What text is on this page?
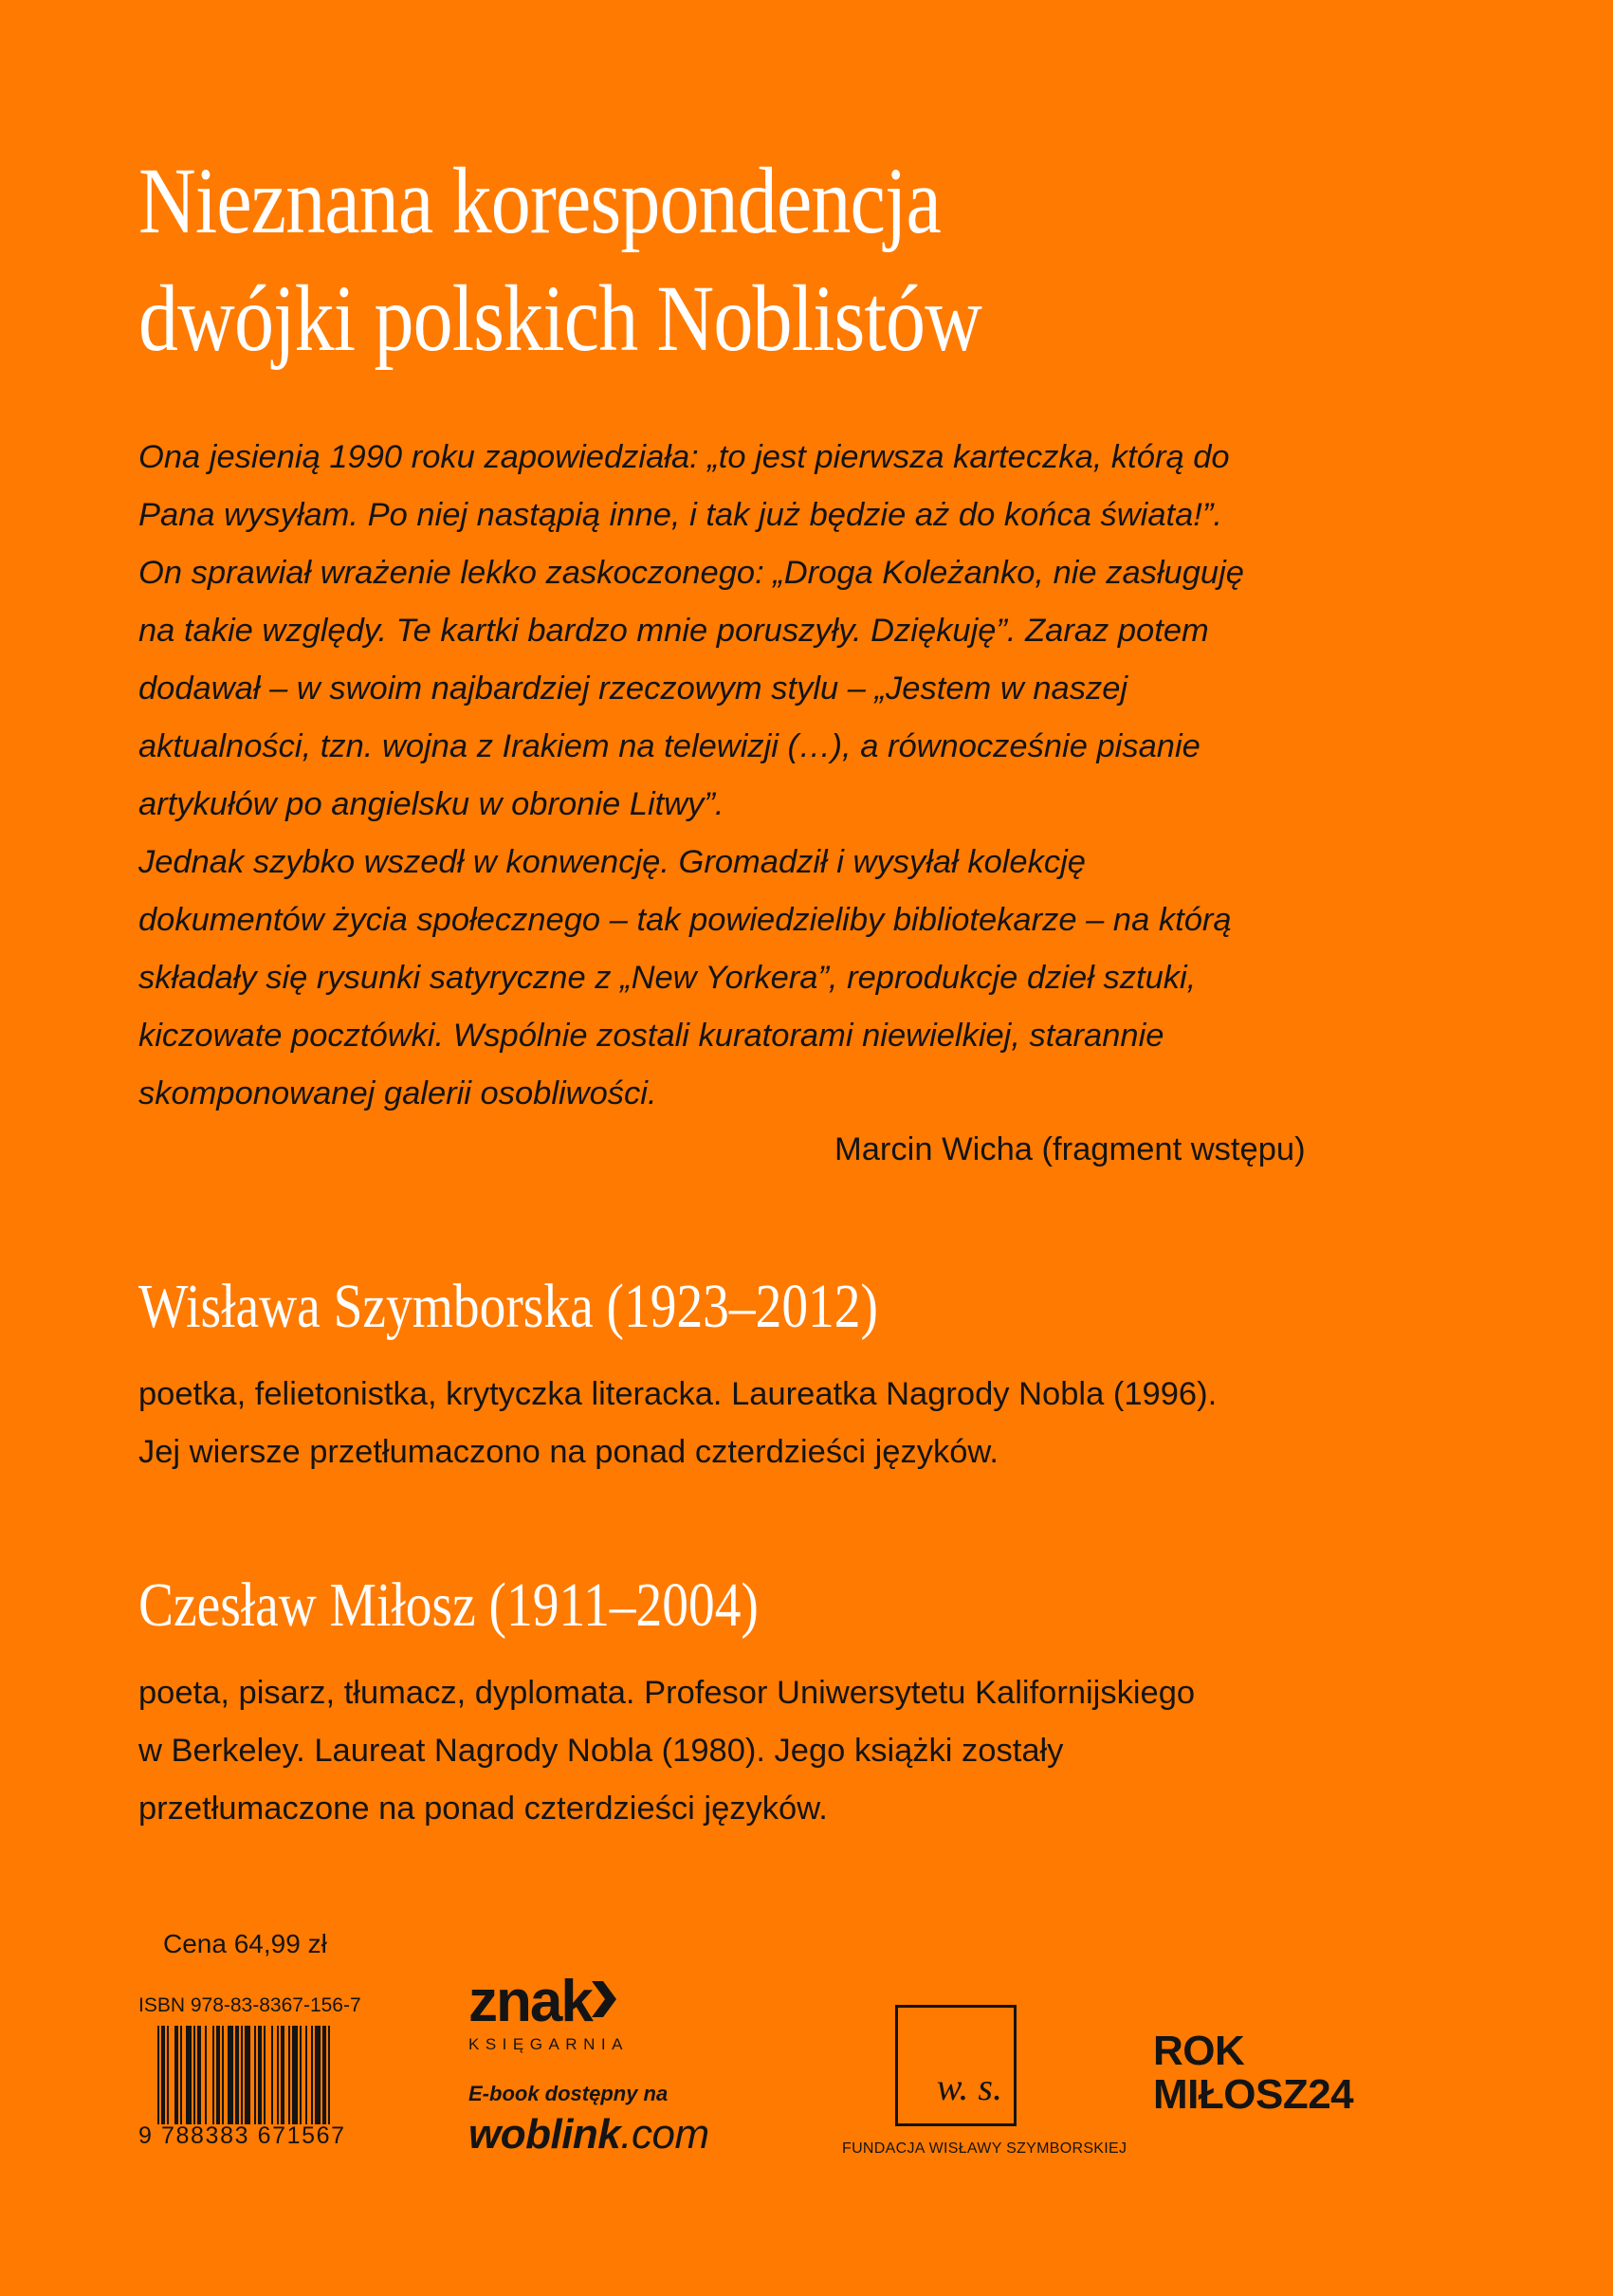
Nieznana korespondencja
dwójki polskich Noblistów
Ona jesienią 1990 roku zapowiedziała: „to jest pierwsza karteczka, którą do
Pana wysyłam. Po niej nastąpią inne, i tak już będzie aż do końca świata!”.
On sprawiał wrażenie lekko zaskoczonego: „Droga Koleżanko, nie zasługuję
na takie względy. Te kartki bardzo mnie poruszyły. Dziękuję”. Zaraz potem
dodawał – w swoim najbardziej rzeczowym stylu – „Jestem w naszej
aktualności, tzn. wojna z Irakiem na telewizji (…), a równocześnie pisanie
artykułów po angielsku w obronie Litwy”.
Jednak szybko wszedł w konwencję. Gromadził i wysyłał kolekcję
dokumentów życia społecznego – tak powiedzieliby bibliotekarze – na którą
składały się rysunki satyryczne z „New Yorkera”, reprodukcje dzieł sztuki,
kiczowate pocztówki. Wspólnie zostali kuratorami niewielkiej, starannie
skomponowanej galerii osobliwości.
Marcin Wicha (fragment wstępu)
Wisława Szymborska (1923–2012)
poetka, felietonistka, krytyczka literacka. Laureatka Nagrody Nobla (1996).
Jej wiersze przetłumaczono na ponad czterdzieści języków.
Czesław Miłosz (1911–2004)
poeta, pisarz, tłumacz, dyplomata. Profesor Uniwersytetu Kalifornijskiego
w Berkeley. Laureat Nagrody Nobla (1980). Jego książki zostały
przetłumaczone na ponad czterdzieści języków.
Cena 64,99 zł
ISBN 978-83-8367-156-7
9 788383 671567
znak
KSIĘGARNIA
E-book dostępny na
woblink.com
w. s.
FUNDACJA WISŁAWY SZYMBORSKIEJ
ROK
MIŁOSZ24
